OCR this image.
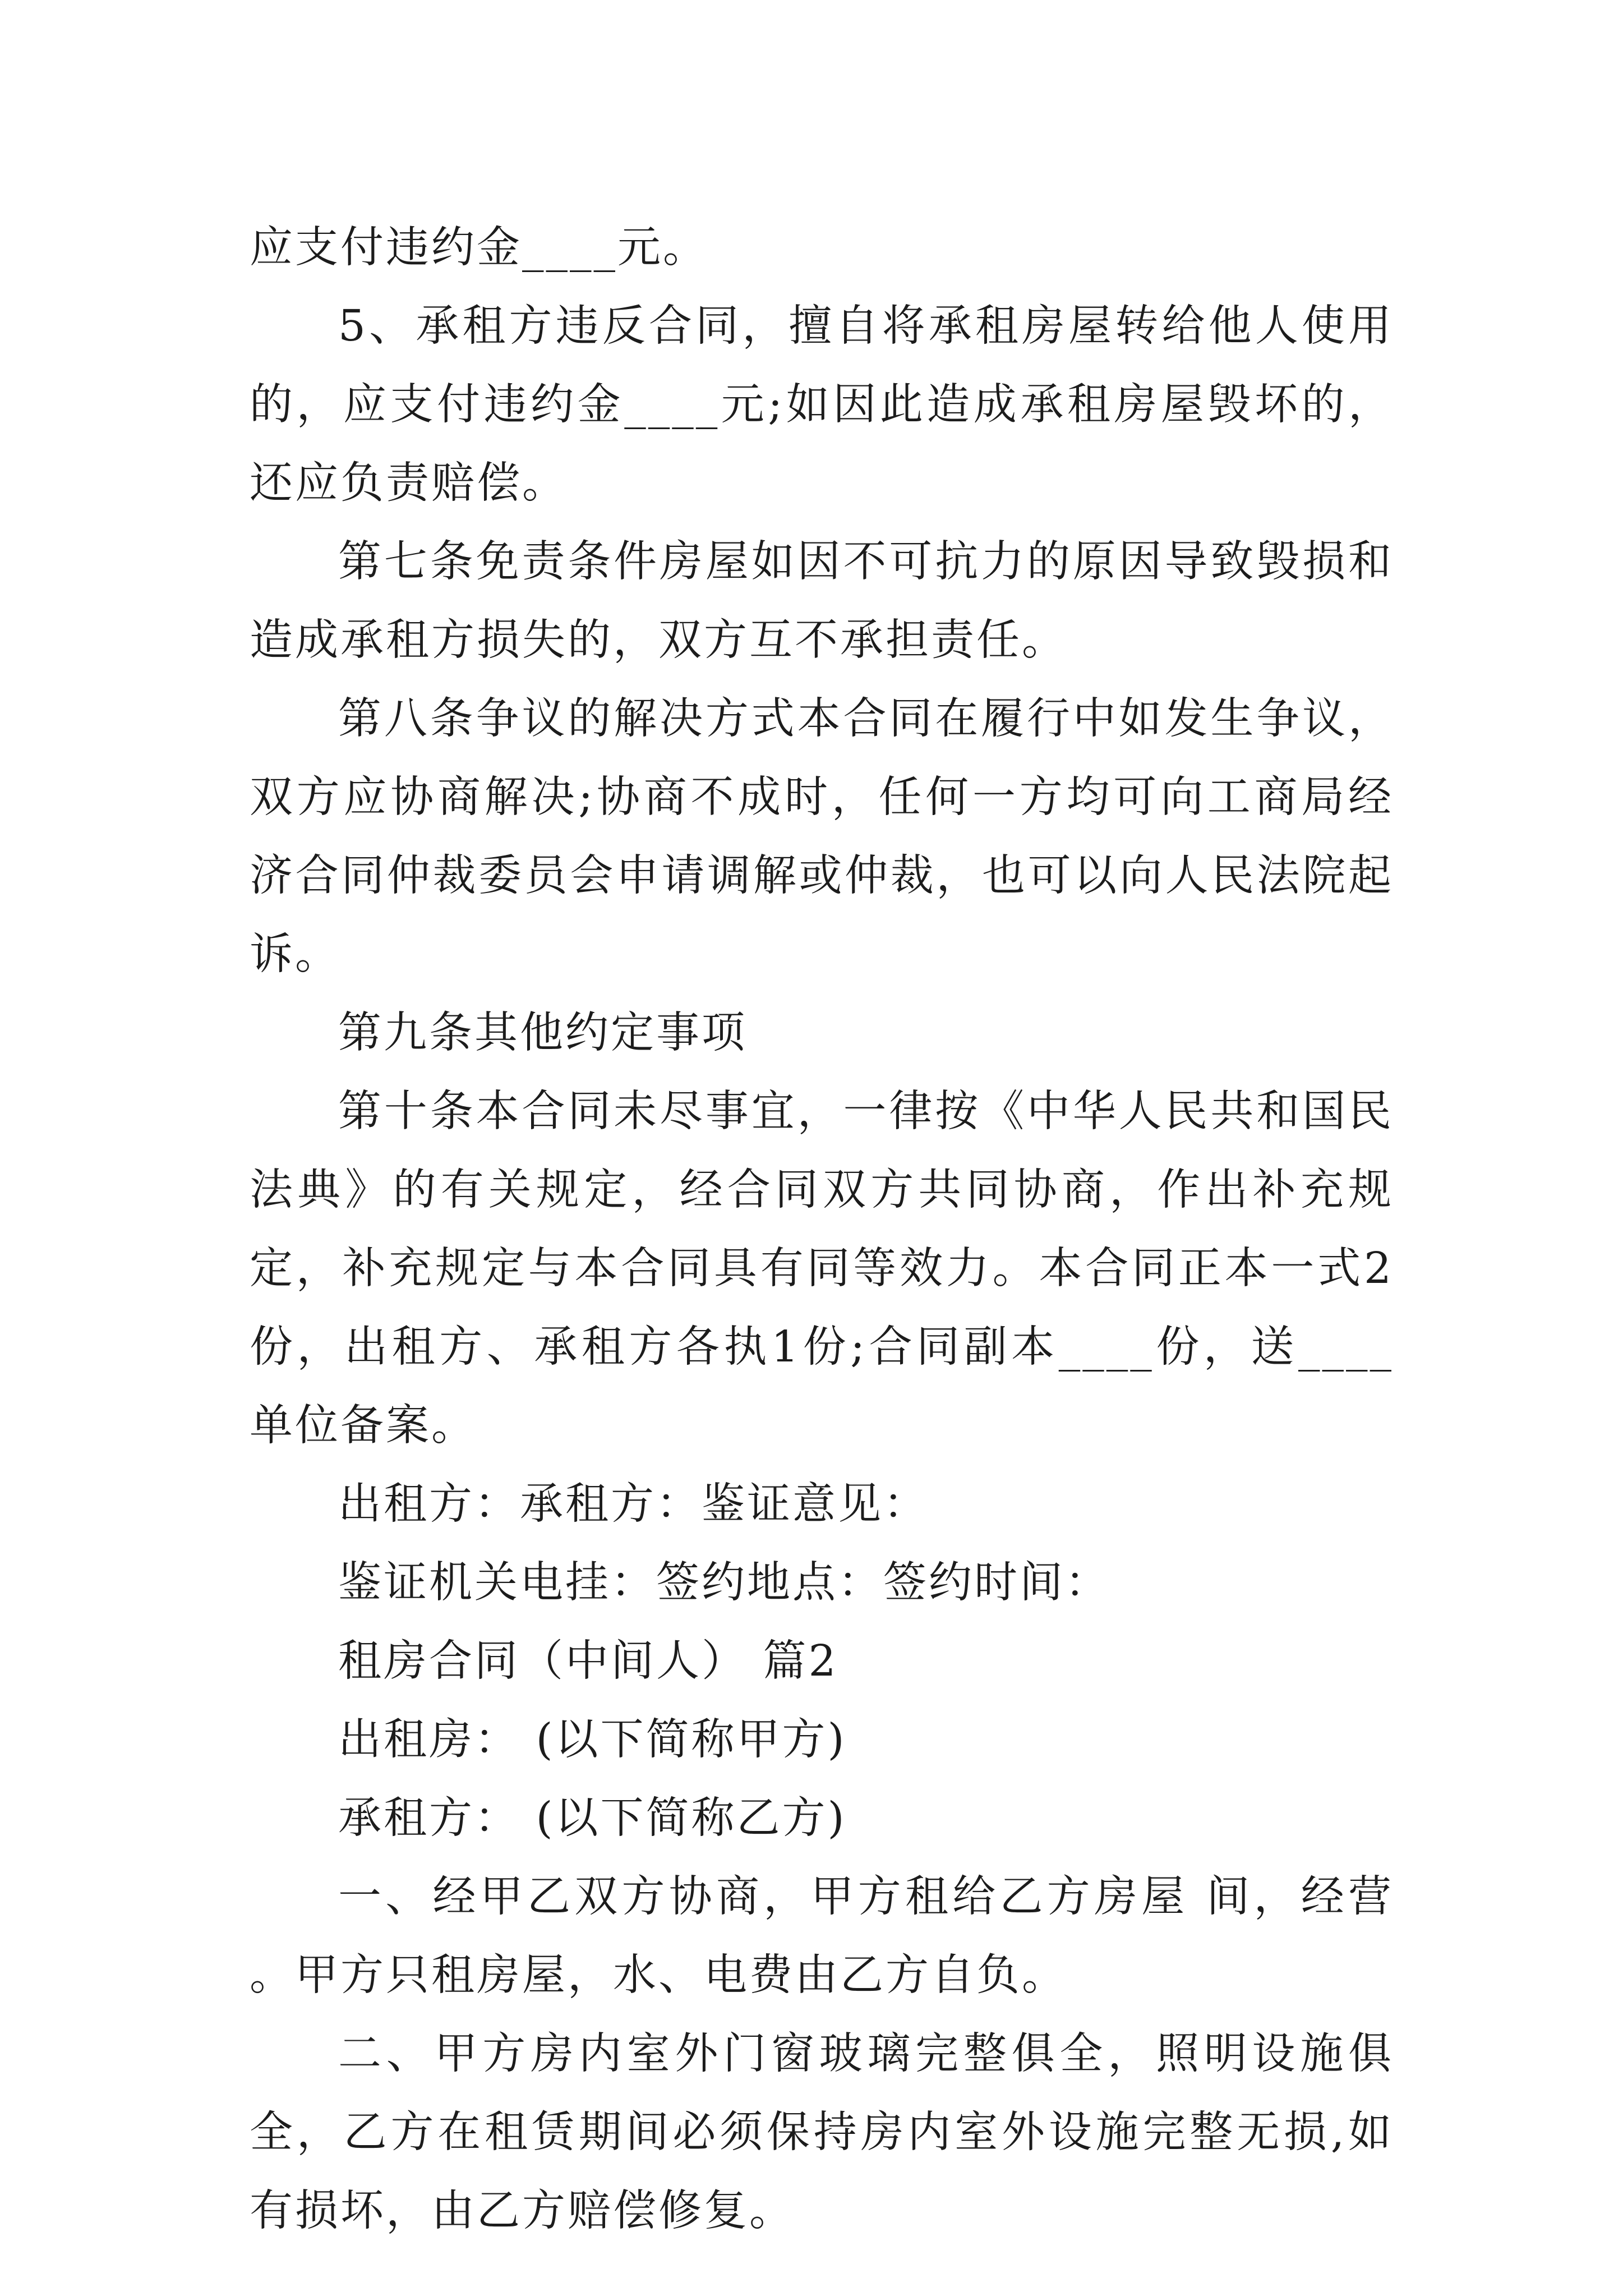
应支付违约金____元。

5、承租方违反合同，擅自将承租房屋转给他人使用的，应支付违约金____元;如因此造成承租房屋毁坏的，还应负责赔偿。

第七条免责条件房屋如因不可抗力的原因导致毁损和造成承租方损失的，双方互不承担责任。

第八条争议的解决方式本合同在履行中如发生争议，双方应协商解决;协商不成时，任何一方均可向工商局经济合同仲裁委员会申请调解或仲裁，也可以向人民法院起诉。

第九条其他约定事项

第十条本合同未尽事宜，一律按《中华人民共和国民法典》的有关规定，经合同双方共同协商，作出补充规定，补充规定与本合同具有同等效力。本合同正本一式2份，出租方、承租方各执1份;合同副本____份，送____单位备案。

出租方：承租方：鉴证意见：

鉴证机关电挂：签约地点：签约时间：

租房合同（中间人） 篇2

出租房： (以下简称甲方)

承租方： (以下简称乙方)

一、经甲乙双方协商，甲方租给乙方房屋 间，经营 。甲方只租房屋，水、电费由乙方自负。

二、甲方房内室外门窗玻璃完整俱全，照明设施俱全，乙方在租赁期间必须保持房内室外设施完整无损,如有损坏，由乙方赔偿修复。
